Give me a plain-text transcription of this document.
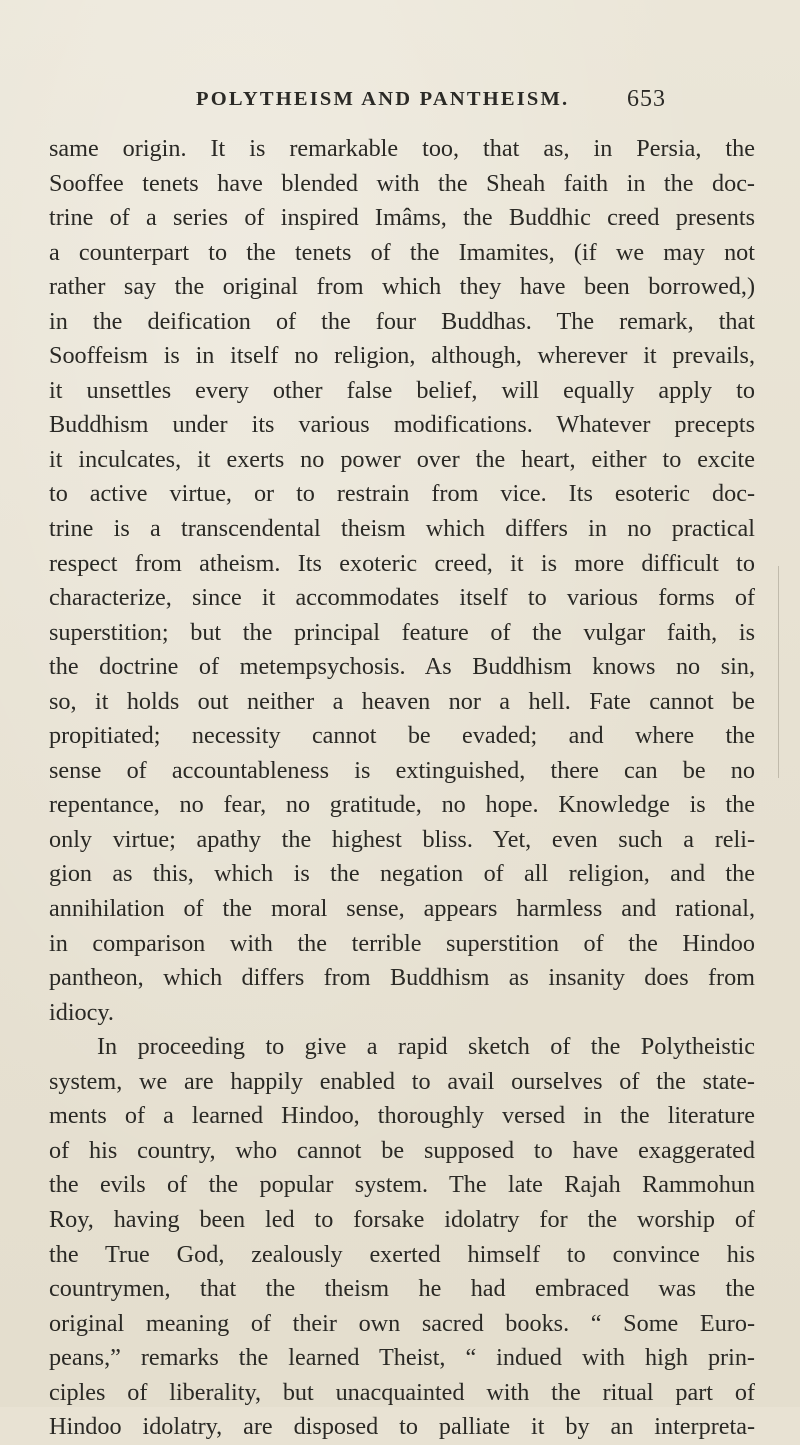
POLYTHEISM AND PANTHEISM. 653
same origin. It is remarkable too, that as, in Persia, the
Sooffee tenets have blended with the Sheah faith in the doc-
trine of a series of inspired Imâms, the Buddhic creed presents
a counterpart to the tenets of the Imamites, (if we may not
rather say the original from which they have been borrowed,)
in the deification of the four Buddhas. The remark, that
Sooffeism is in itself no religion, although, wherever it prevails,
it unsettles every other false belief, will equally apply to
Buddhism under its various modifications. Whatever precepts
it inculcates, it exerts no power over the heart, either to excite
to active virtue, or to restrain from vice. Its esoteric doc-
trine is a transcendental theism which differs in no practical
respect from atheism. Its exoteric creed, it is more difficult to
characterize, since it accommodates itself to various forms of
superstition; but the principal feature of the vulgar faith, is
the doctrine of metempsychosis. As Buddhism knows no sin,
so, it holds out neither a heaven nor a hell. Fate cannot be
propitiated; necessity cannot be evaded; and where the
sense of accountableness is extinguished, there can be no
repentance, no fear, no gratitude, no hope. Knowledge is the
only virtue; apathy the highest bliss. Yet, even such a reli-
gion as this, which is the negation of all religion, and the
annihilation of the moral sense, appears harmless and rational,
in comparison with the terrible superstition of the Hindoo
pantheon, which differs from Buddhism as insanity does from
idiocy.
In proceeding to give a rapid sketch of the Polytheistic
system, we are happily enabled to avail ourselves of the state-
ments of a learned Hindoo, thoroughly versed in the literature
of his country, who cannot be supposed to have exaggerated
the evils of the popular system. The late Rajah Rammohun
Roy, having been led to forsake idolatry for the worship of
the True God, zealously exerted himself to convince his
countrymen, that the theism he had embraced was the
original meaning of their own sacred books. “ Some Euro-
peans,” remarks the learned Theist, “ indued with high prin-
ciples of liberality, but unacquainted with the ritual part of
Hindoo idolatry, are disposed to palliate it by an interpreta-
